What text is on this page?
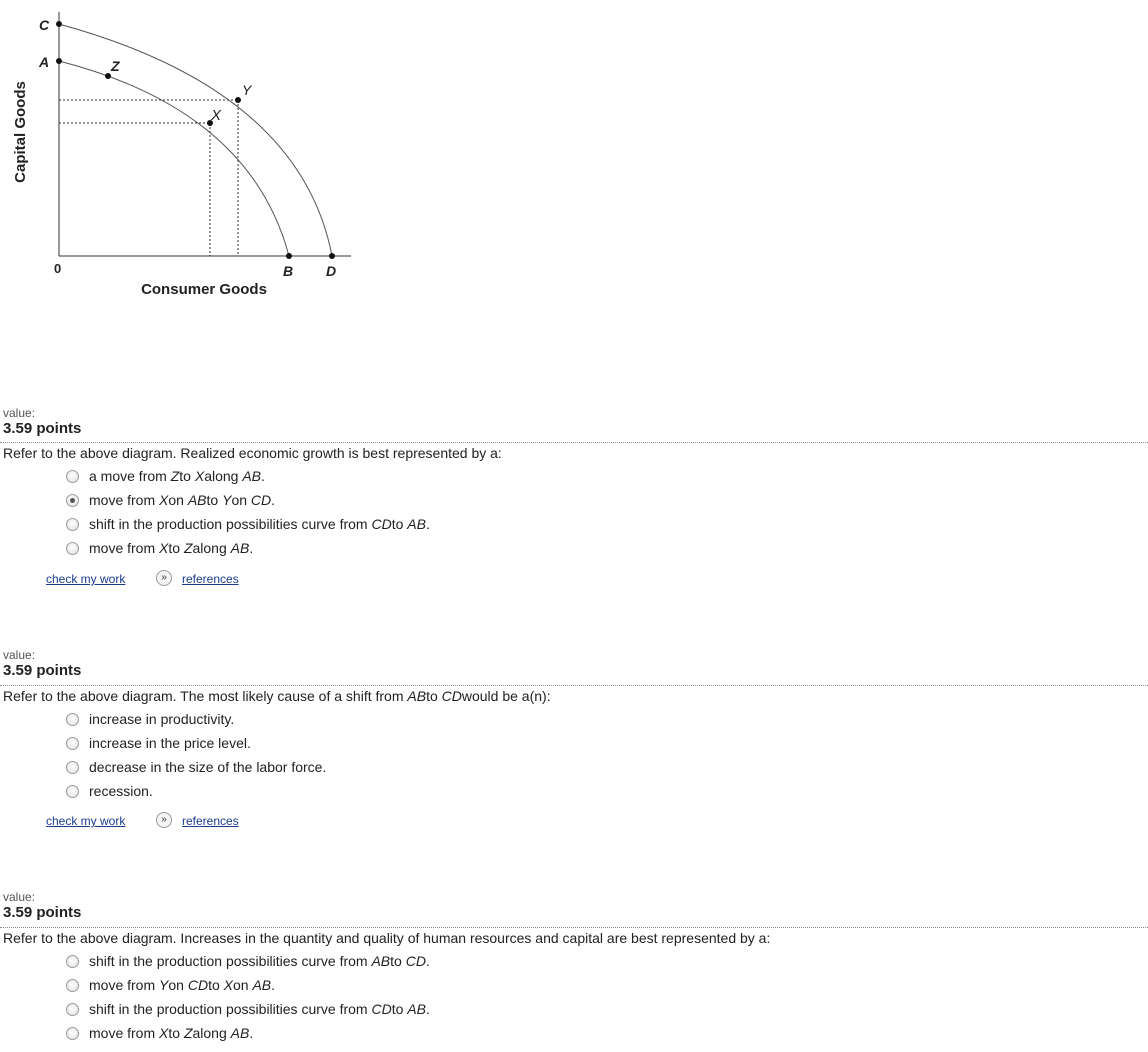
C
A	Z
Y
X
B D
0
Consumer Goods
Capital Goods
value:
3.59 points
Refer to the above diagram. Realized economic growth is best represented by a:
a move from Zto Xalong AB.
move from Xon ABto Yon CD.
shift in the production possibilities curve from CDto AB.
move from Xto Zalong AB.
check my work	»	references
value:
3.59 points
Refer to the above diagram. The most likely cause of a shift from ABto CDwould be a(n):
increase in productivity.
increase in the price level.
decrease in the size of the labor force.
recession.
check my work	»	references
value:
3.59 points
Refer to the above diagram. Increases in the quantity and quality of human resources and capital are best represented by a:
shift in the production possibilities curve from ABto CD.
move from Yon CDto Xon AB.
shift in the production possibilities curve from CDto AB.
move from Xto Zalong AB.
